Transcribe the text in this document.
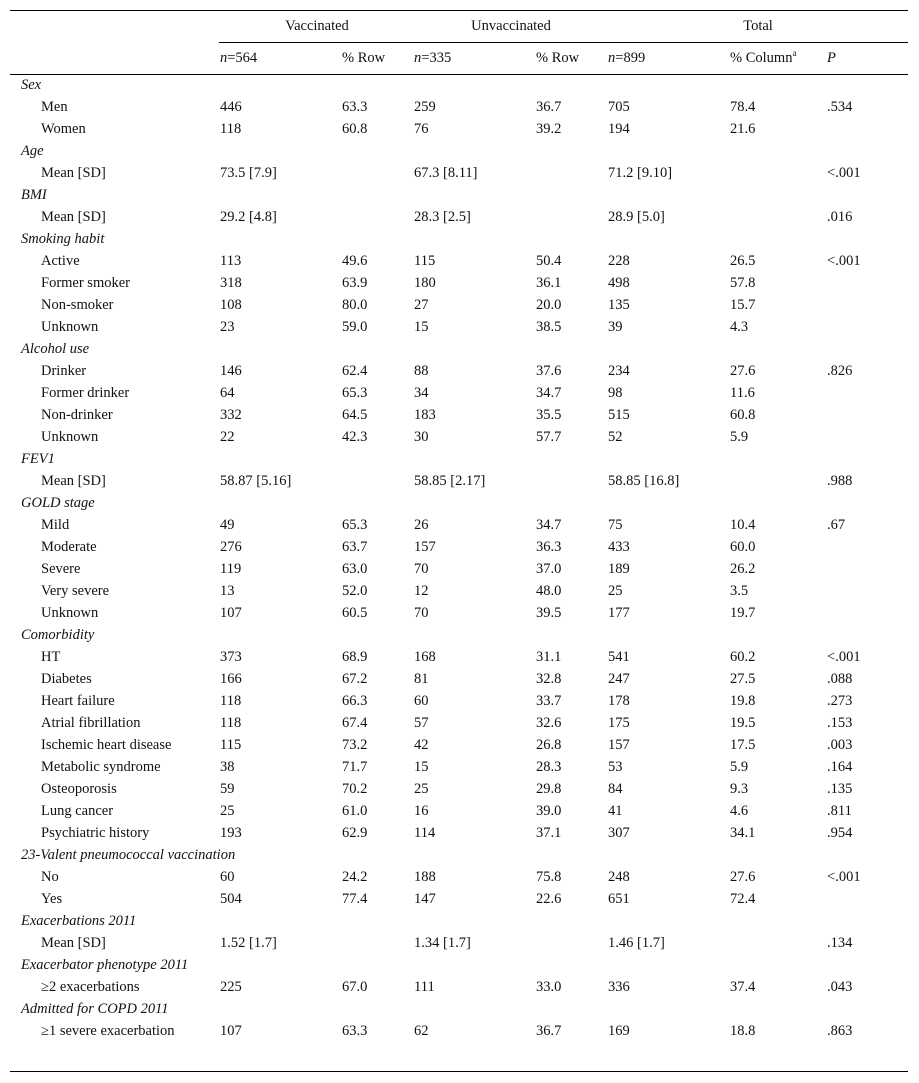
	Vaccinated		Unvaccinated		Total		
	n=564	% Row	n=335	% Row	n=899	% Column$^a$	P
Sex							
Men	446	63.3	259	36.7	705	78.4	.534
Women	118	60.8	76	39.2	194	21.6	
Age							
Mean [SD]	73.5 [7.9]		67.3 [8.11]		71.2 [9.10]		<.001
BMI							
Mean [SD]	29.2 [4.8]		28.3 [2.5]		28.9 [5.0]		.016
Smoking habit							
Active	113	49.6	115	50.4	228	26.5	<.001
Former smoker	318	63.9	180	36.1	498	57.8	
Non-smoker	108	80.0	27	20.0	135	15.7	
Unknown	23	59.0	15	38.5	39	4.3	
Alcohol use							
Drinker	146	62.4	88	37.6	234	27.6	.826
Former drinker	64	65.3	34	34.7	98	11.6	
Non-drinker	332	64.5	183	35.5	515	60.8	
Unknown	22	42.3	30	57.7	52	5.9	
FEV1							
Mean [SD]	58.87 [5.16]		58.85 [2.17]		58.85 [16.8]		.988
GOLD stage							
Mild	49	65.3	26	34.7	75	10.4	.67
Moderate	276	63.7	157	36.3	433	60.0	
Severe	119	63.0	70	37.0	189	26.2	
Very severe	13	52.0	12	48.0	25	3.5	
Unknown	107	60.5	70	39.5	177	19.7	
Comorbidity							
HT	373	68.9	168	31.1	541	60.2	<.001
Diabetes	166	67.2	81	32.8	247	27.5	.088
Heart failure	118	66.3	60	33.7	178	19.8	.273
Atrial fibrillation	118	67.4	57	32.6	175	19.5	.153
Ischemic heart disease	115	73.2	42	26.8	157	17.5	.003
Metabolic syndrome	38	71.7	15	28.3	53	5.9	.164
Osteoporosis	59	70.2	25	29.8	84	9.3	.135
Lung cancer	25	61.0	16	39.0	41	4.6	.811
Psychiatric history	193	62.9	114	37.1	307	34.1	.954
23-Valent pneumococcal vaccination							
No	60	24.2	188	75.8	248	27.6	<.001
Yes	504	77.4	147	22.6	651	72.4	
Exacerbations 2011							
Mean [SD]	1.52 [1.7]		1.34 [1.7]		1.46 [1.7]		.134
Exacerbator phenotype 2011							
≥2 exacerbations	225	67.0	111	33.0	336	37.4	.043
Admitted for COPD 2011							
≥1 severe exacerbation	107	63.3	62	36.7	169	18.8	.863
